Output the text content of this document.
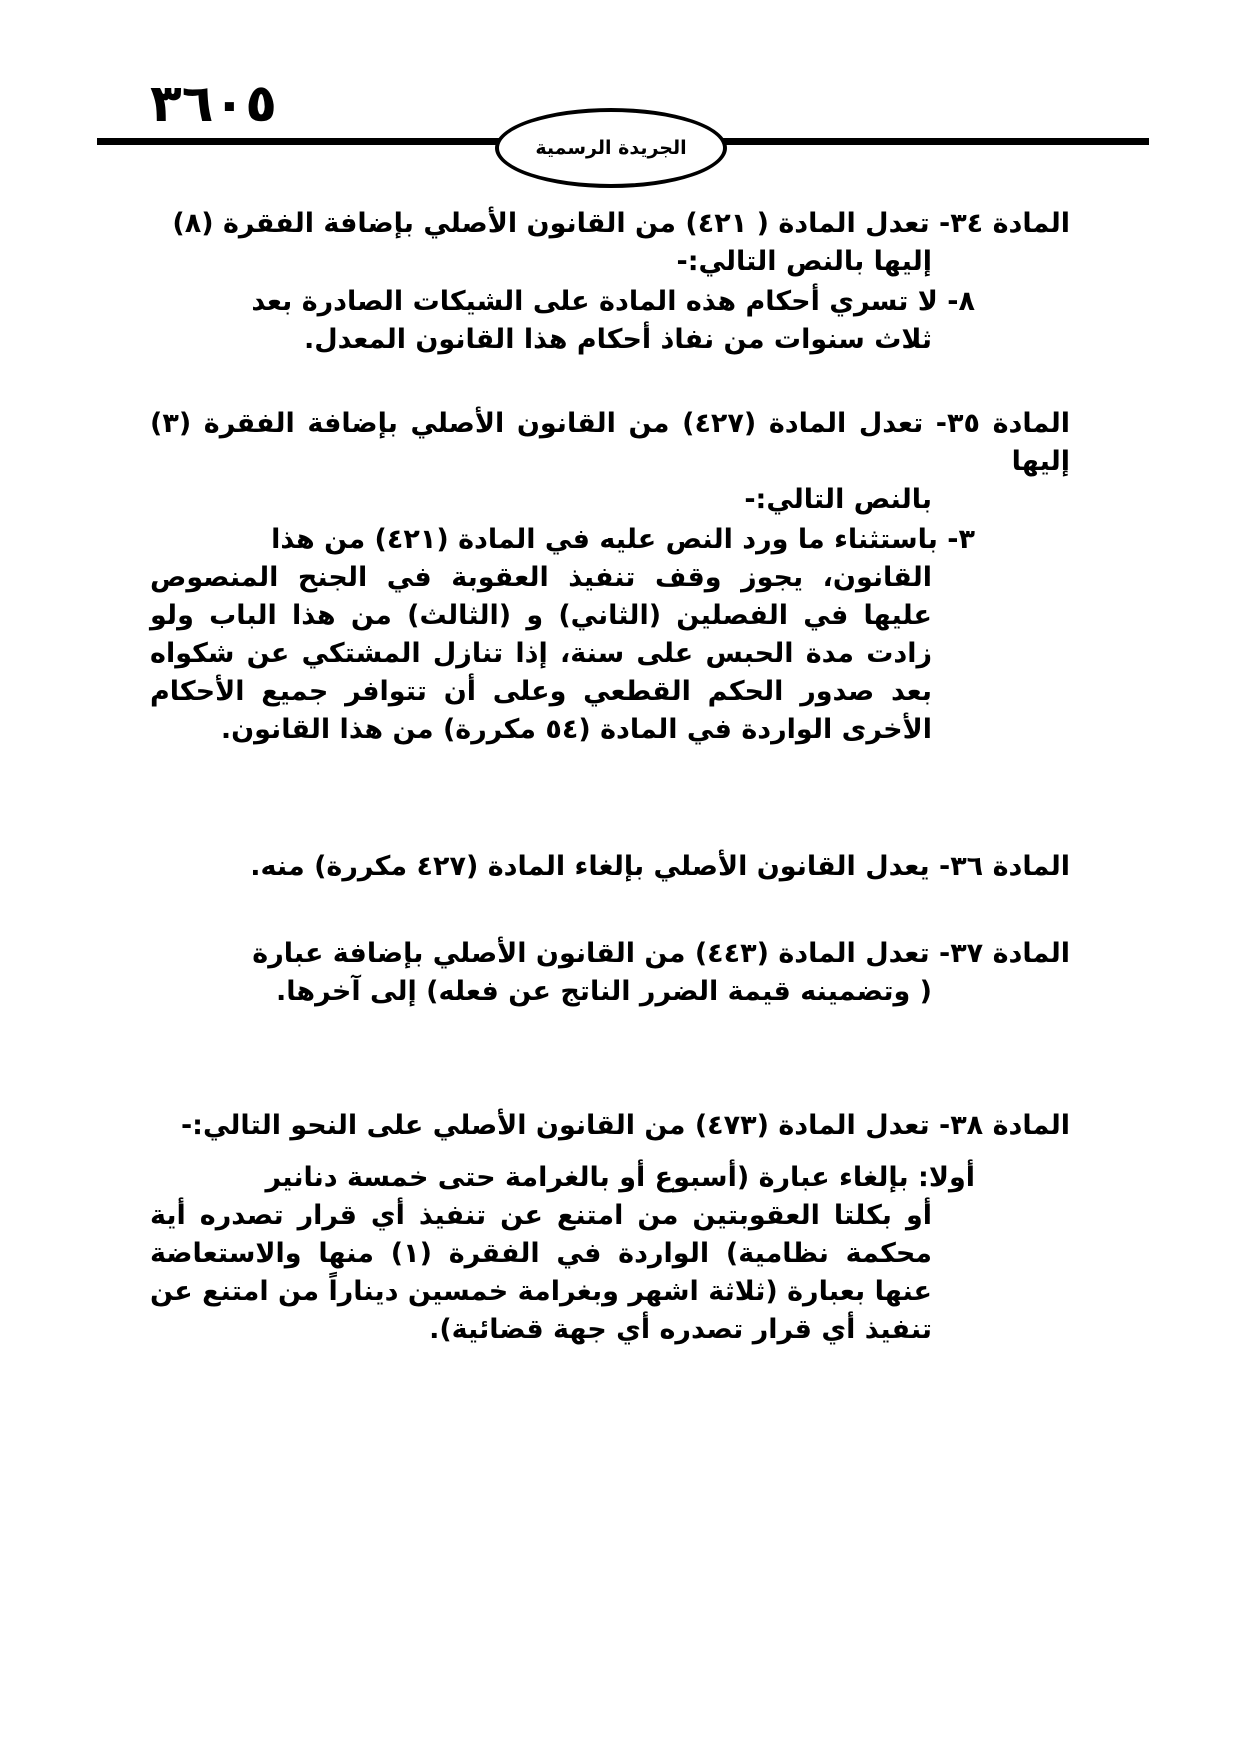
٣٦٠٥
الجريدة الرسمية
المادة ٣٤- تعدل المادة ( ٤٢١) من القانون الأصلي بإضافة الفقرة (٨)
إليها بالنص التالي:-
٨- لا تسري أحكام هذه المادة على الشيكات الصادرة بعد
ثلاث سنوات من نفاذ أحكام هذا القانون المعدل.
المادة ٣٥- تعدل المادة (٤٢٧) من القانون الأصلي بإضافة الفقرة (٣) إليها
بالنص التالي:-
٣- باستثناء ما ورد النص عليه في المادة (٤٢١) من هذا
القانون، يجوز وقف تنفيذ العقوبة في الجنح المنصوص عليها في الفصلين (الثاني) و (الثالث) من هذا الباب ولو زادت مدة الحبس على سنة، إذا تنازل المشتكي عن شكواه بعد صدور الحكم القطعي وعلى أن تتوافر جميع الأحكام الأخرى الواردة في المادة (٥٤ مكررة) من هذا القانون.
المادة ٣٦- يعدل القانون الأصلي بإلغاء المادة (٤٢٧ مكررة) منه.
المادة ٣٧- تعدل المادة (٤٤٣) من القانون الأصلي بإضافة عبارة
( وتضمينه قيمة الضرر الناتج عن فعله) إلى آخرها.
المادة ٣٨- تعدل المادة (٤٧٣) من القانون الأصلي على النحو التالي:-
أولا: بإلغاء عبارة (أسبوع أو بالغرامة حتى خمسة دنانير
أو بكلتا العقوبتين من امتنع عن تنفيذ أي قرار تصدره أية محكمة نظامية) الواردة في الفقرة (١) منها والاستعاضة عنها بعبارة (ثلاثة اشهر وبغرامة خمسين ديناراً من امتنع عن تنفيذ أي قرار تصدره أي جهة قضائية).
